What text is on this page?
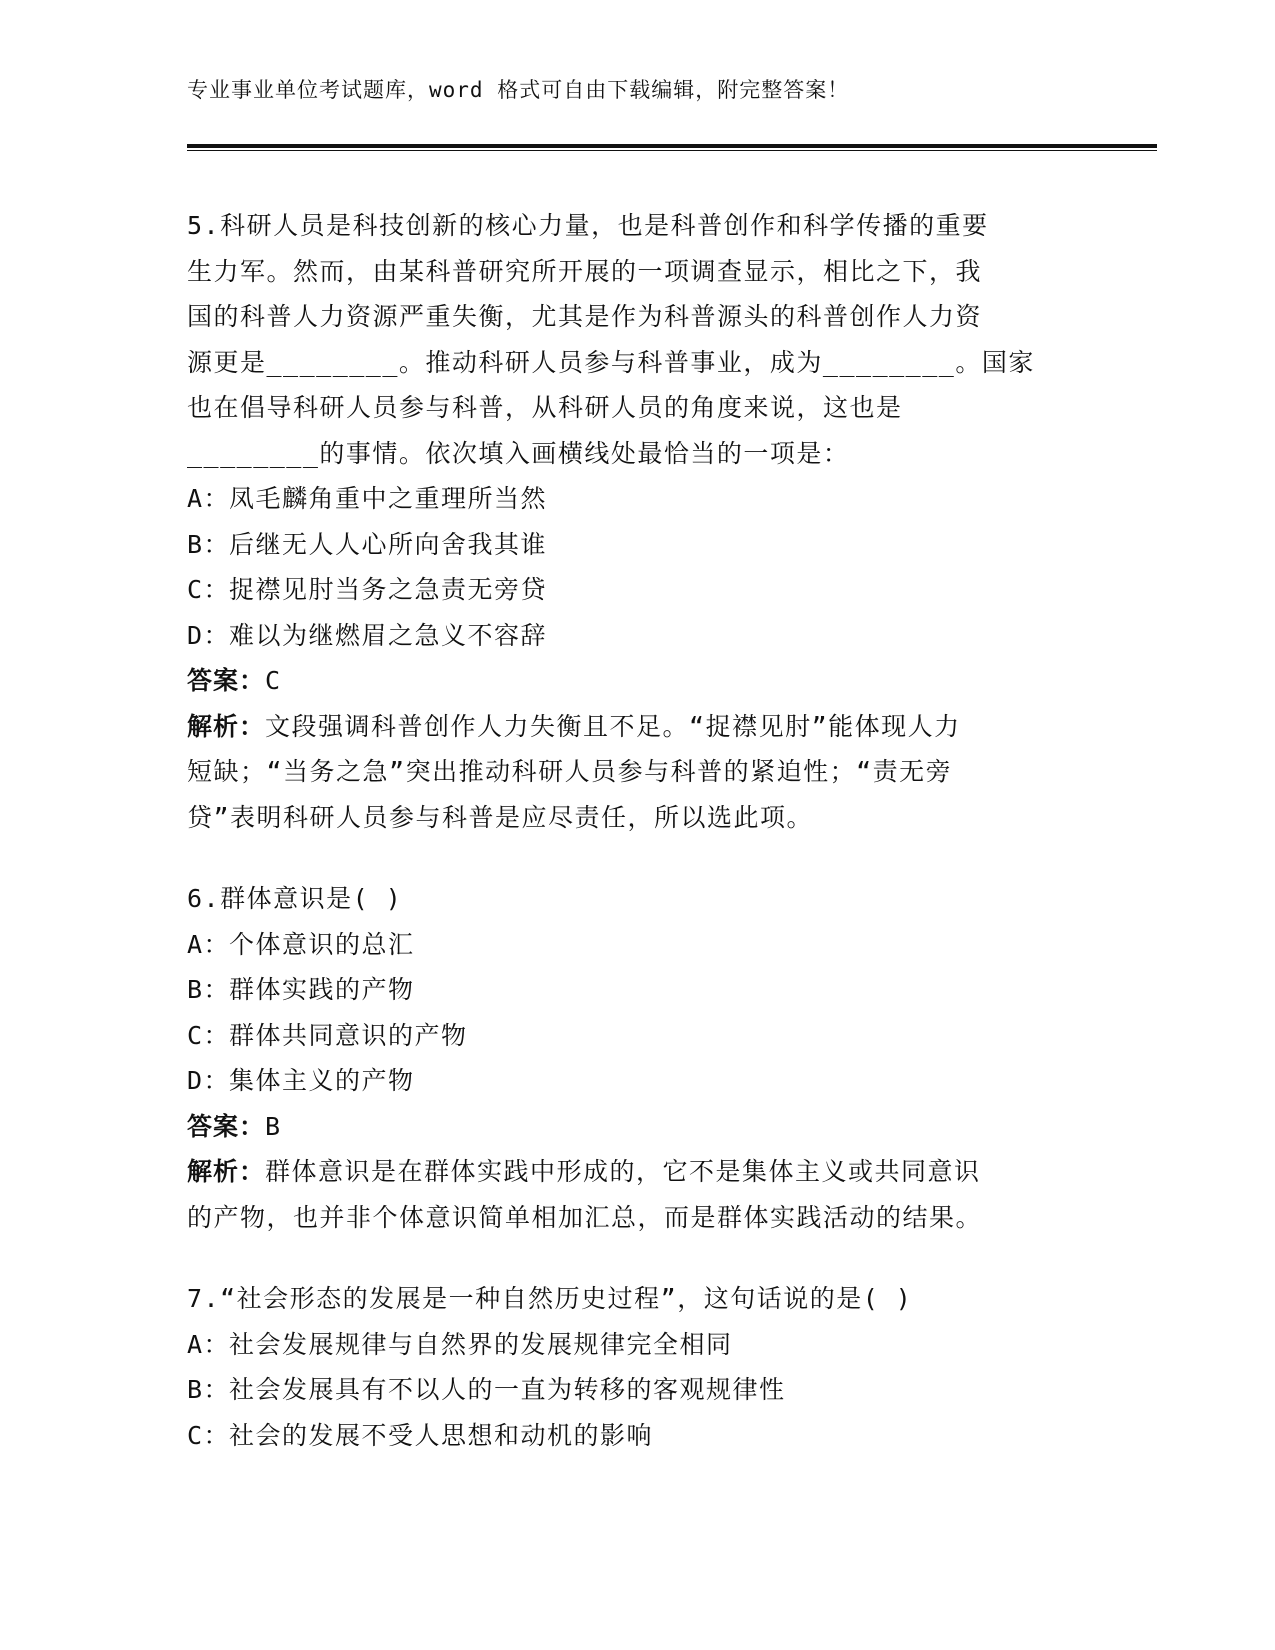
专业事业单位考试题库，word 格式可自由下载编辑，附完整答案！
5.科研人员是科技创新的核心力量，也是科普创作和科学传播的重要
生力军。然而，由某科普研究所开展的一项调查显示，相比之下，我
国的科普人力资源严重失衡，尤其是作为科普源头的科普创作人力资
源更是________。推动科研人员参与科普事业，成为________。国家
也在倡导科研人员参与科普，从科研人员的角度来说，这也是
________的事情。依次填入画横线处最恰当的一项是：
A：凤毛麟角重中之重理所当然
B：后继无人人心所向舍我其谁
C：捉襟见肘当务之急责无旁贷
D：难以为继燃眉之急义不容辞
答案：C
解析：文段强调科普创作人力失衡且不足。“捉襟见肘”能体现人力
短缺；“当务之急”突出推动科研人员参与科普的紧迫性；“责无旁
贷”表明科研人员参与科普是应尽责任，所以选此项。
6.群体意识是( )
A：个体意识的总汇
B：群体实践的产物
C：群体共同意识的产物
D：集体主义的产物
答案：B
解析：群体意识是在群体实践中形成的，它不是集体主义或共同意识
的产物，也并非个体意识简单相加汇总，而是群体实践活动的结果。
7.“社会形态的发展是一种自然历史过程”，这句话说的是( )
A：社会发展规律与自然界的发展规律完全相同
B：社会发展具有不以人的一直为转移的客观规律性
C：社会的发展不受人思想和动机的影响
